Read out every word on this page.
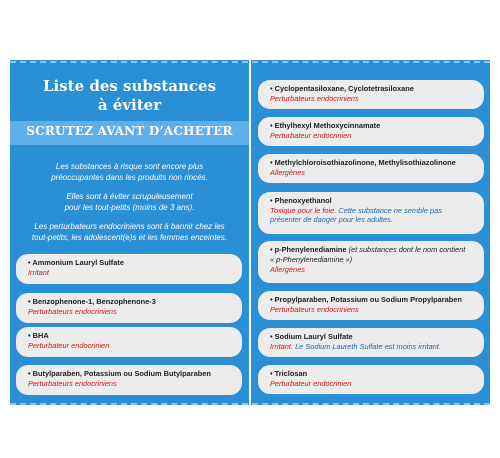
Liste des substances
à éviter
SCRUTEZ AVANT D’ACHETER
Les substances à risque sont encore plus
préoccupantes dans les produits non rincés.
Elles sont à éviter scrupuleusement
pour les tout-petits (moins de 3 ans).
Les perturbateurs endocriniens sont à bannir chez les
tout-petits, les adolescent(e)s et les femmes enceintes.
• Ammonium Lauryl Sulfate
Irritant
• Benzophenone-1, Benzophenone-3
Perturbateurs endocriniens
• BHA
Perturbateur endocrinien
• Butylparaben, Potassium ou Sodium Butylparaben
Perturbateurs endocriniens
• Cyclopentasiloxane, Cyclotetrasiloxane
Perturbateurs endocriniens
• Ethylhexyl Methoxycinnamate
Perturbateur endocrinien
• Methylchloroisothiazolinone, Methylisothiazolinone
Allergènes
• Phenoxyethanol
Toxique pour le foie. Cette substance ne semble pas
présenter de danger pour les adultes.
• p-Phenylenediamine (et substances dont le nom contient
« p-Phenylenediamine »)
Allergènes
• Propylparaben, Potassium ou Sodium Propylparaben
Perturbateurs endocriniens
• Sodium Lauryl Sulfate
Irritant. Le Sodium Laureth Sulfate est moins irritant.
• Triclosan
Perturbateur endocrinien
